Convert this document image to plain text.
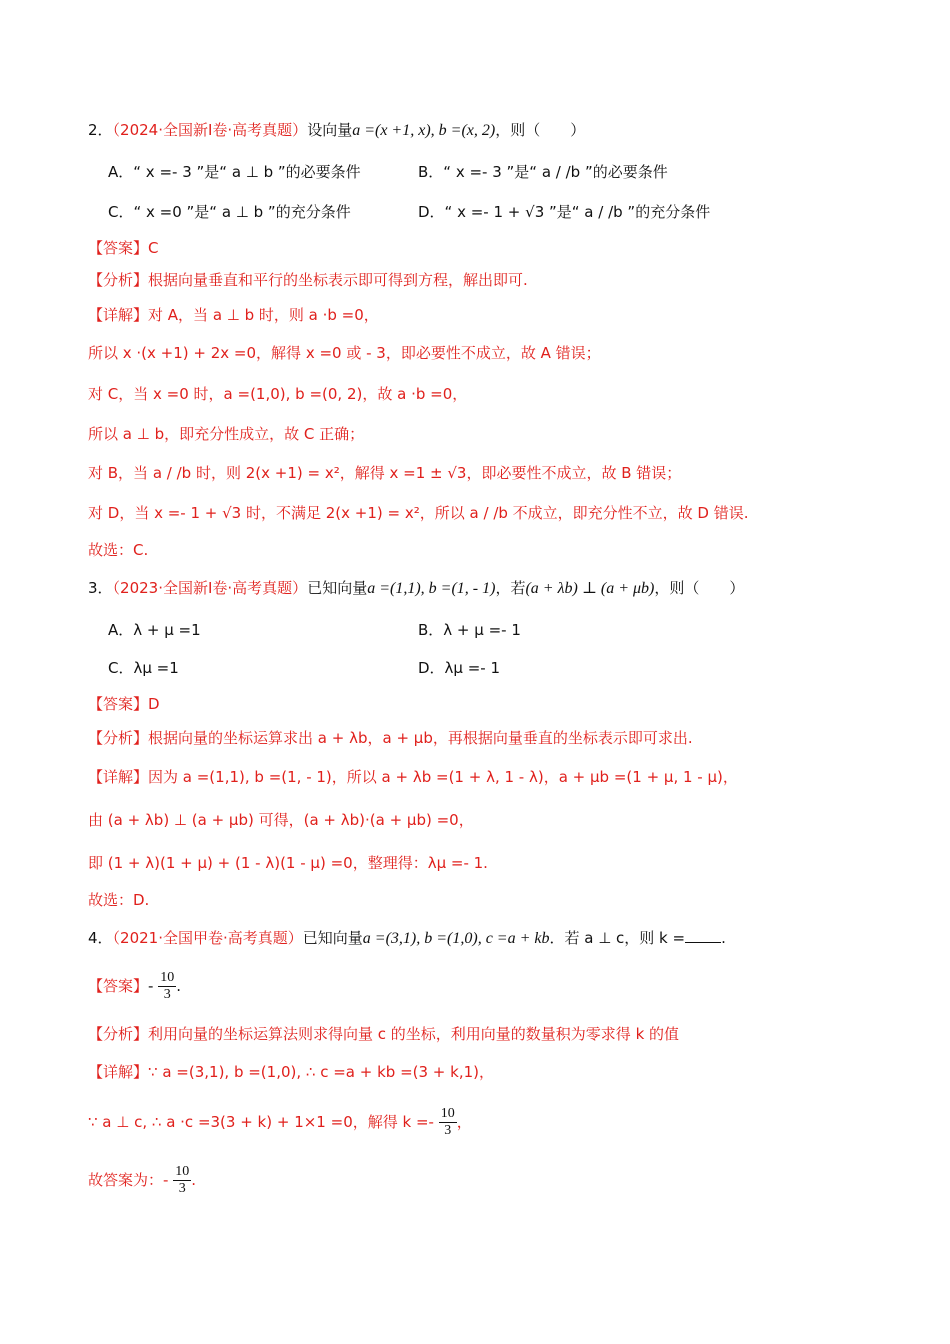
2．（2024·全国新Ⅰ卷·高考真题）设向量a =(x +1, x), b =(x, 2)，则（　　）
A．“ x =- 3 ”是“ a ⊥ b ”的必要条件	B．“ x =- 3 ”是“ a / /b ”的必要条件
C．“ x =0 ”是“ a ⊥ b ”的充分条件	D．“ x =- 1 + √3 ”是“ a / /b ”的充分条件
【答案】C
【分析】根据向量垂直和平行的坐标表示即可得到方程，解出即可.
【详解】对 A，当 a ⊥ b 时，则 a ·b =0，
所以 x ·(x +1) + 2x =0，解得 x =0 或 - 3，即必要性不成立，故 A 错误；
对 C，当 x =0 时，a =(1,0), b =(0, 2)，故 a ·b =0，
所以 a ⊥ b，即充分性成立，故 C 正确；
对 B，当 a / /b 时，则 2(x +1) = x²，解得 x =1 ± √3，即必要性不成立，故 B 错误；
对 D，当 x =- 1 + √3 时，不满足 2(x +1) = x²，所以 a / /b 不成立，即充分性不立，故 D 错误.
故选：C.
3．（2023·全国新Ⅰ卷·高考真题）已知向量a =(1,1), b =(1, - 1)，若(a + λb) ⊥ (a + μb)，则（　　）
A．λ + μ =1	B．λ + μ =- 1
C．λμ =1	D．λμ =- 1
【答案】D
【分析】根据向量的坐标运算求出 a + λb，a + μb，再根据向量垂直的坐标表示即可求出.
【详解】因为 a =(1,1), b =(1, - 1)，所以 a + λb =(1 + λ, 1 - λ)，a + μb =(1 + μ, 1 - μ)，
由 (a + λb) ⊥ (a + μb) 可得，(a + λb)·(a + μb) =0，
即 (1 + λ)(1 + μ) + (1 - λ)(1 - μ) =0，整理得：λμ =- 1.
故选：D.
4．（2021·全国甲卷·高考真题）已知向量a =(3,1), b =(1,0), c =a + kb．若 a ⊥ c，则 k = .
【答案】- $\frac{10}{3}$ .
【分析】利用向量的坐标运算法则求得向量 c 的坐标，利用向量的数量积为零求得 k 的值
【详解】∵ a =(3,1), b =(1,0), ∴ c =a + kb =(3 + k,1)，
∵ a ⊥ c, ∴ a ·c =3(3 + k) + 1×1 =0，解得 $k =- \frac{10}{3}$ ，
故答案为：- $\frac{10}{3}$ .
